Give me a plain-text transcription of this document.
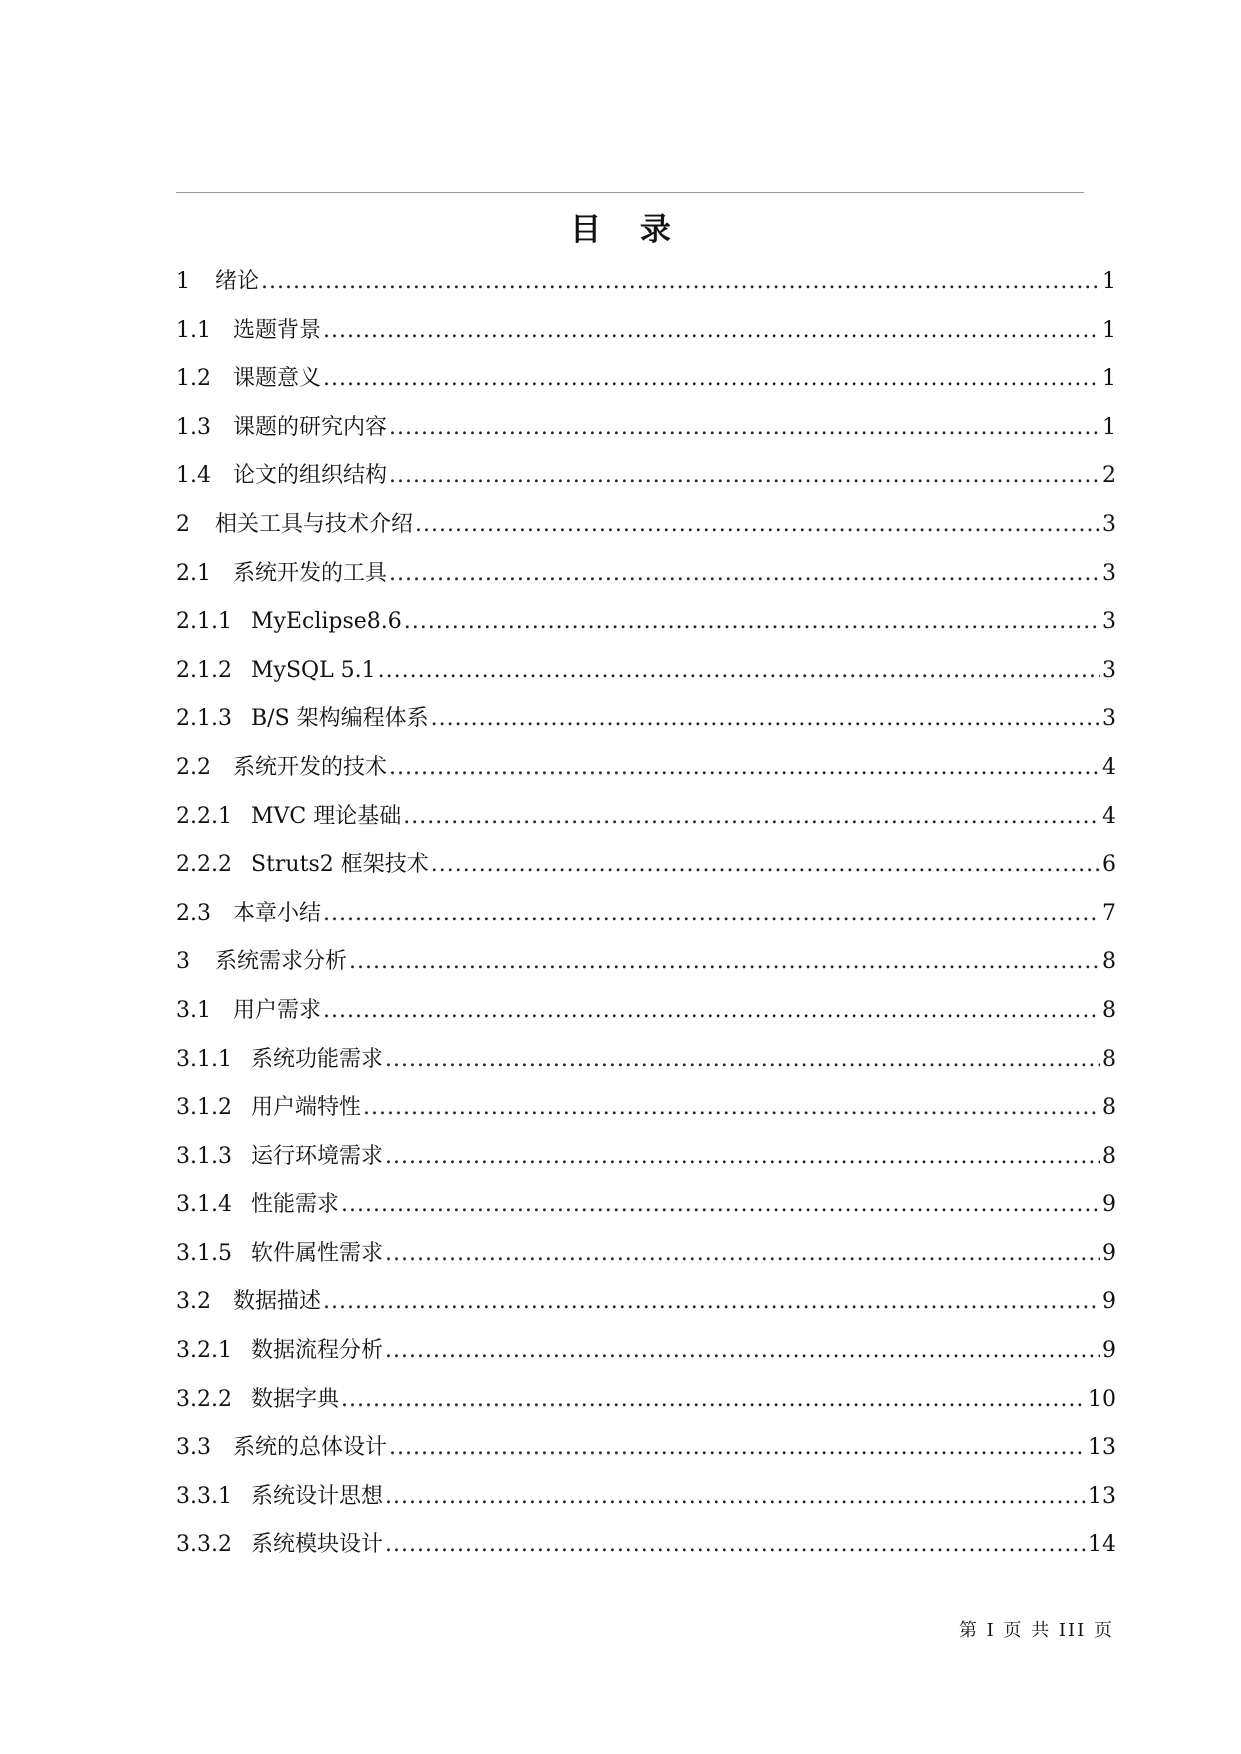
目 录
1	绪论 .....	1
1.1	选题背景 .....	1
1.2	课题意义 .....	1
1.3	课题的研究内容 .....	1
1.4	论文的组织结构 .....	2
2	相关工具与技术介绍 .....	3
2.1	系统开发的工具 .....	3
2.1.1 MyEclipse8.6 .....	3
2.1.2 MySQL 5.1 .....	3
2.1.3 B/S 架构编程体系 .....	3
2.2	系统开发的技术 .....	4
2.2.1 MVC 理论基础 .....	4
2.2.2 Struts2 框架技术 .....	6
2.3	本章小结 .....	7
3	系统需求分析 .....	8
3.1	用户需求 .....	8
3.1.1 系统功能需求 .....	8
3.1.2 用户端特性 .....	8
3.1.3 运行环境需求 .....	8
3.1.4 性能需求 .....	9
3.1.5 软件属性需求 .....	9
3.2	数据描述 .....	9
3.2.1 数据流程分析 .....	9
3.2.2 数据字典 .....	10
3.3	系统的总体设计 .....	13
3.3.1 系统设计思想 .....	13
3.3.2 系统模块设计 .....	14
第 I 页 共 III 页
